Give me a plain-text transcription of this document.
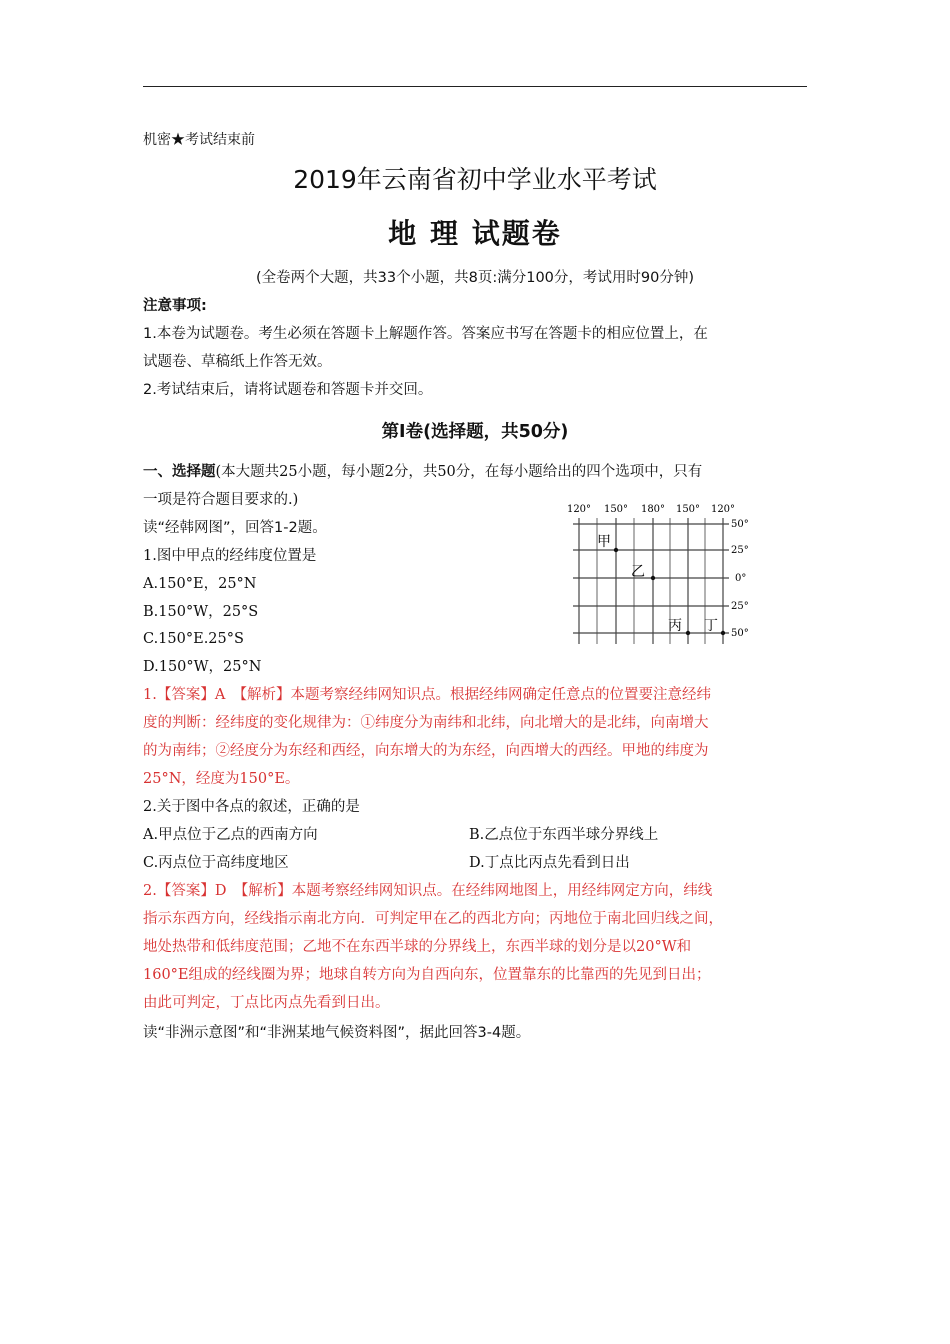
机密★考试结束前
2019年云南省初中学业水平考试
地 理 试题卷
(全卷两个大题，共33个小题，共8页:满分100分，考试用时90分钟)
注意事项:
1.本卷为试题卷。考生必须在答题卡上解题作答。答案应书写在答题卡的相应位置上，在
试题卷、草稿纸上作答无效。
2.考试结束后，请将试题卷和答题卡并交回。
第Ⅰ卷(选择题，共50分)
一、选择题(本大题共25小题，每小题2分，共50分，在每小题给出的四个选项中，只有
一项是符合题目要求的.)
读“经韩网图”，回答1-2题。
1.图中甲点的经纬度位置是
A.150°E，25°N
B.150°W，25°S
C.150°E.25°S
D.150°W，25°N
1.【答案】A　【解析】本题考察经纬网知识点。根据经纬网确定任意点的位置要注意经纬
度的判断：经纬度的变化规律为：①纬度分为南纬和北纬，向北增大的是北纬，向南增大
的为南纬；②经度分为东经和西经，向东增大的为东经，向西增大的西经。甲地的纬度为
25°N，经度为150°E。
2.关于图中各点的叙述，正确的是
A.甲点位于乙点的西南方向	B.乙点位于东西半球分界线上
C.丙点位于高纬度地区	D.丁点比丙点先看到日出
2.【答案】D　【解析】本题考察经纬网知识点。在经纬网地图上，用经纬网定方向，纬线
指示东西方向，经线指示南北方向．可判定甲在乙的西北方向；丙地位于南北回归线之间，
地处热带和低纬度范围；乙地不在东西半球的分界线上，东西半球的划分是以20°W和
160°E组成的经线圈为界；地球自转方向为自西向东，位置靠东的比靠西的先见到日出；
由此可判定，丁点比丙点先看到日出。
读“非洲示意图”和“非洲某地气候资料图”，据此回答3-4题。
120° 150° 180° 150° 120°
50°
25°
0°
25°
50°
甲
乙
丙 丁
